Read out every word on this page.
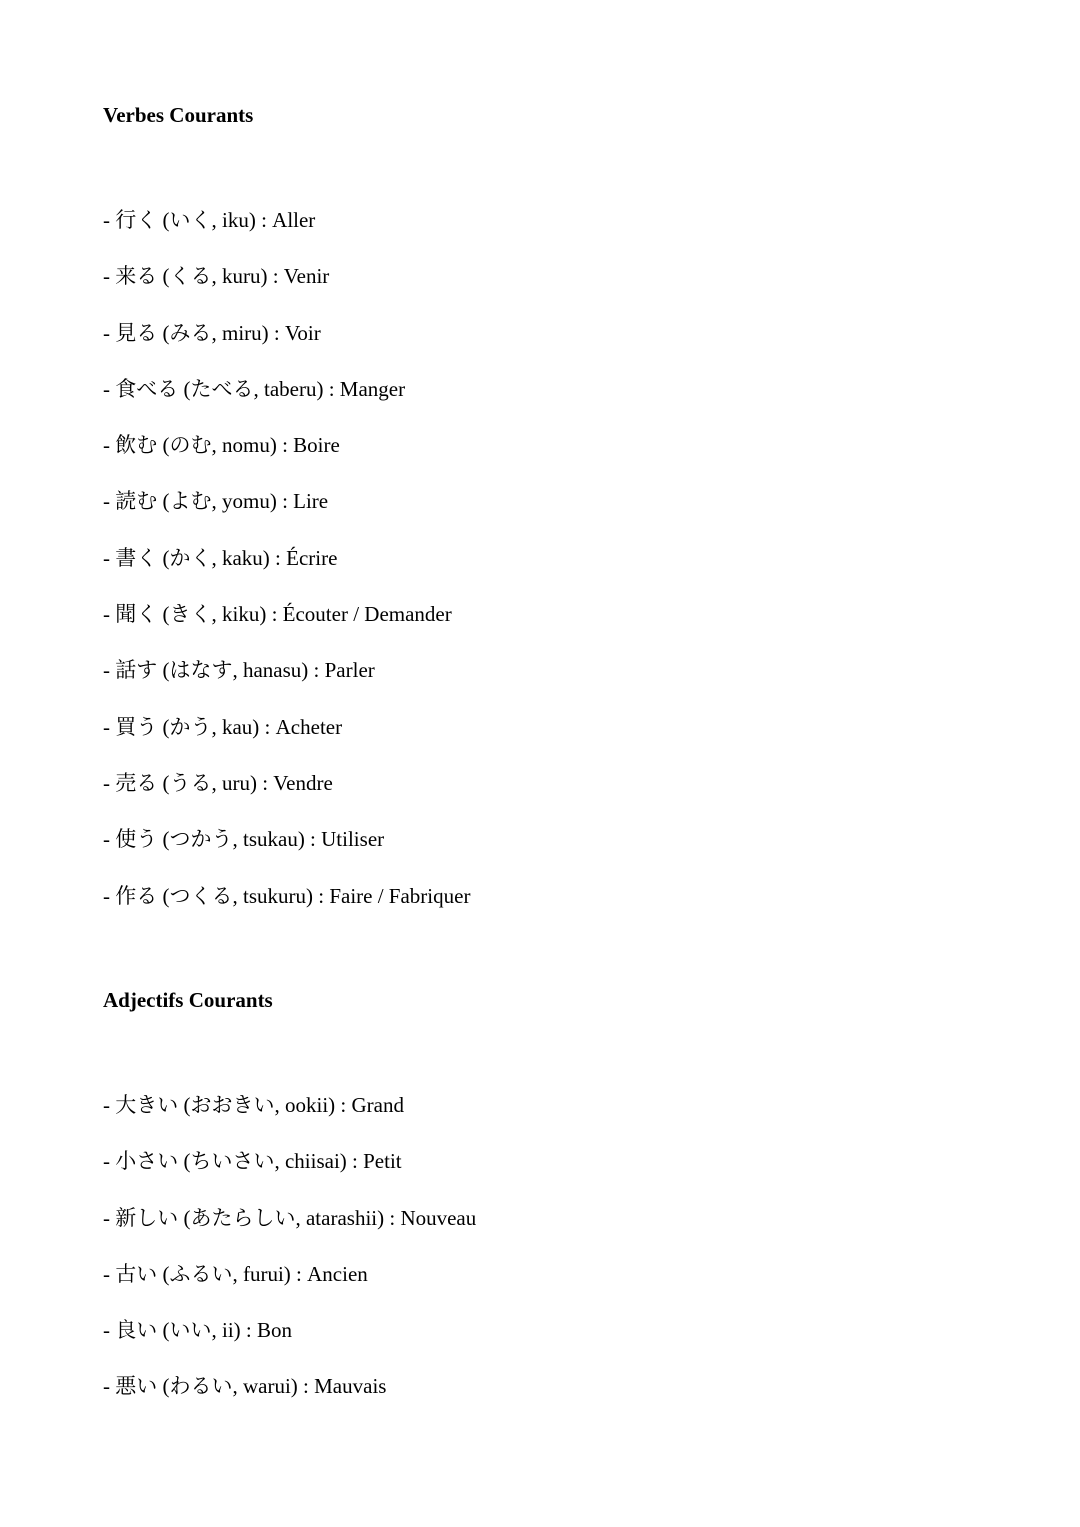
Verbes Courants
- 行く (いく, iku) : Aller
- 来る (くる, kuru) : Venir
- 見る (みる, miru) : Voir
- 食べる (たべる, taberu) : Manger
- 飲む (のむ, nomu) : Boire
- 読む (よむ, yomu) : Lire
- 書く (かく, kaku) : Écrire
- 聞く (きく, kiku) : Écouter / Demander
- 話す (はなす, hanasu) : Parler
- 買う (かう, kau) : Acheter
- 売る (うる, uru) : Vendre
- 使う (つかう, tsukau) : Utiliser
- 作る (つくる, tsukuru) : Faire / Fabriquer
Adjectifs Courants
- 大きい (おおきい, ookii) : Grand
- 小さい (ちいさい, chiisai) : Petit
- 新しい (あたらしい, atarashii) : Nouveau
- 古い (ふるい, furui) : Ancien
- 良い (いい, ii) : Bon
- 悪い (わるい, warui) : Mauvais
